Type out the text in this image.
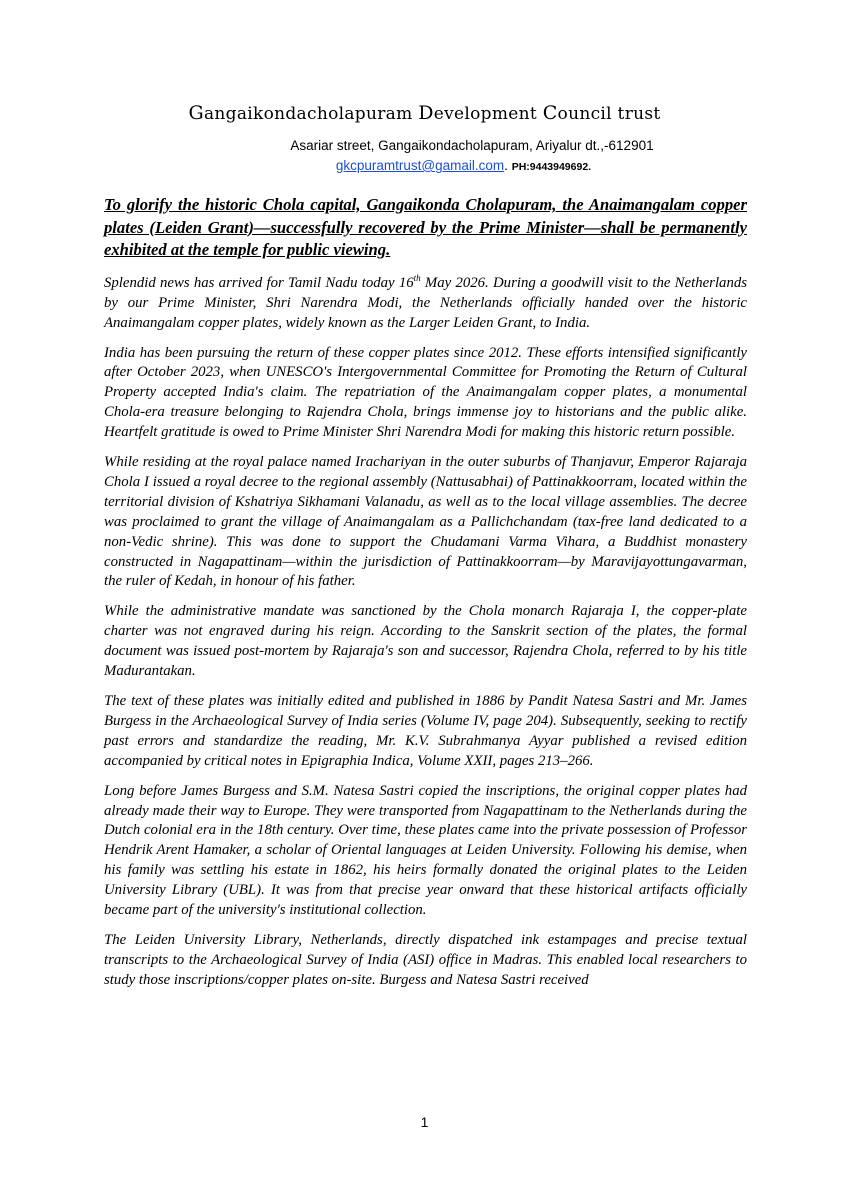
Gangaikondacholapuram Development Council trust
Asariar street, Gangaikondacholapuram, Ariyalur dt.,-612901
gkcpuramtrust@gamail.com. PH:9443949692.

To glorify the historic Chola capital, Gangaikonda Cholapuram, the Anaimangalam copper plates (Leiden Grant)—successfully recovered by the Prime Minister—shall be permanently exhibited at the temple for public viewing.

Splendid news has arrived for Tamil Nadu today 16th May 2026. During a goodwill visit to the Netherlands by our Prime Minister, Shri Narendra Modi, the Netherlands officially handed over the historic Anaimangalam copper plates, widely known as the Larger Leiden Grant, to India.

India has been pursuing the return of these copper plates since 2012. These efforts intensified significantly after October 2023, when UNESCO's Intergovernmental Committee for Promoting the Return of Cultural Property accepted India's claim. The repatriation of the Anaimangalam copper plates, a monumental Chola-era treasure belonging to Rajendra Chola, brings immense joy to historians and the public alike. Heartfelt gratitude is owed to Prime Minister Shri Narendra Modi for making this historic return possible.

While residing at the royal palace named Irachariyan in the outer suburbs of Thanjavur, Emperor Rajaraja Chola I issued a royal decree to the regional assembly (Nattusabhai) of Pattinakkoorram, located within the territorial division of Kshatriya Sikhamani Valanadu, as well as to the local village assemblies. The decree was proclaimed to grant the village of Anaimangalam as a Pallichchandam (tax-free land dedicated to a non-Vedic shrine). This was done to support the Chudamani Varma Vihara, a Buddhist monastery constructed in Nagapattinam—within the jurisdiction of Pattinakkoorram—by Maravijayottungavarman, the ruler of Kedah, in honour of his father.

While the administrative mandate was sanctioned by the Chola monarch Rajaraja I, the copper-plate charter was not engraved during his reign. According to the Sanskrit section of the plates, the formal document was issued post-mortem by Rajaraja's son and successor, Rajendra Chola, referred to by his title Madurantakan.

The text of these plates was initially edited and published in 1886 by Pandit Natesa Sastri and Mr. James Burgess in the Archaeological Survey of India series (Volume IV, page 204). Subsequently, seeking to rectify past errors and standardize the reading, Mr. K.V. Subrahmanya Ayyar published a revised edition accompanied by critical notes in Epigraphia Indica, Volume XXII, pages 213–266.

Long before James Burgess and S.M. Natesa Sastri copied the inscriptions, the original copper plates had already made their way to Europe. They were transported from Nagapattinam to the Netherlands during the Dutch colonial era in the 18th century. Over time, these plates came into the private possession of Professor Hendrik Arent Hamaker, a scholar of Oriental languages at Leiden University. Following his demise, when his family was settling his estate in 1862, his heirs formally donated the original plates to the Leiden University Library (UBL). It was from that precise year onward that these historical artifacts officially became part of the university's institutional collection.

The Leiden University Library, Netherlands, directly dispatched ink estampages and precise textual transcripts to the Archaeological Survey of India (ASI) office in Madras. This enabled local researchers to study those inscriptions/copper plates on-site. Burgess and Natesa Sastri received

1
